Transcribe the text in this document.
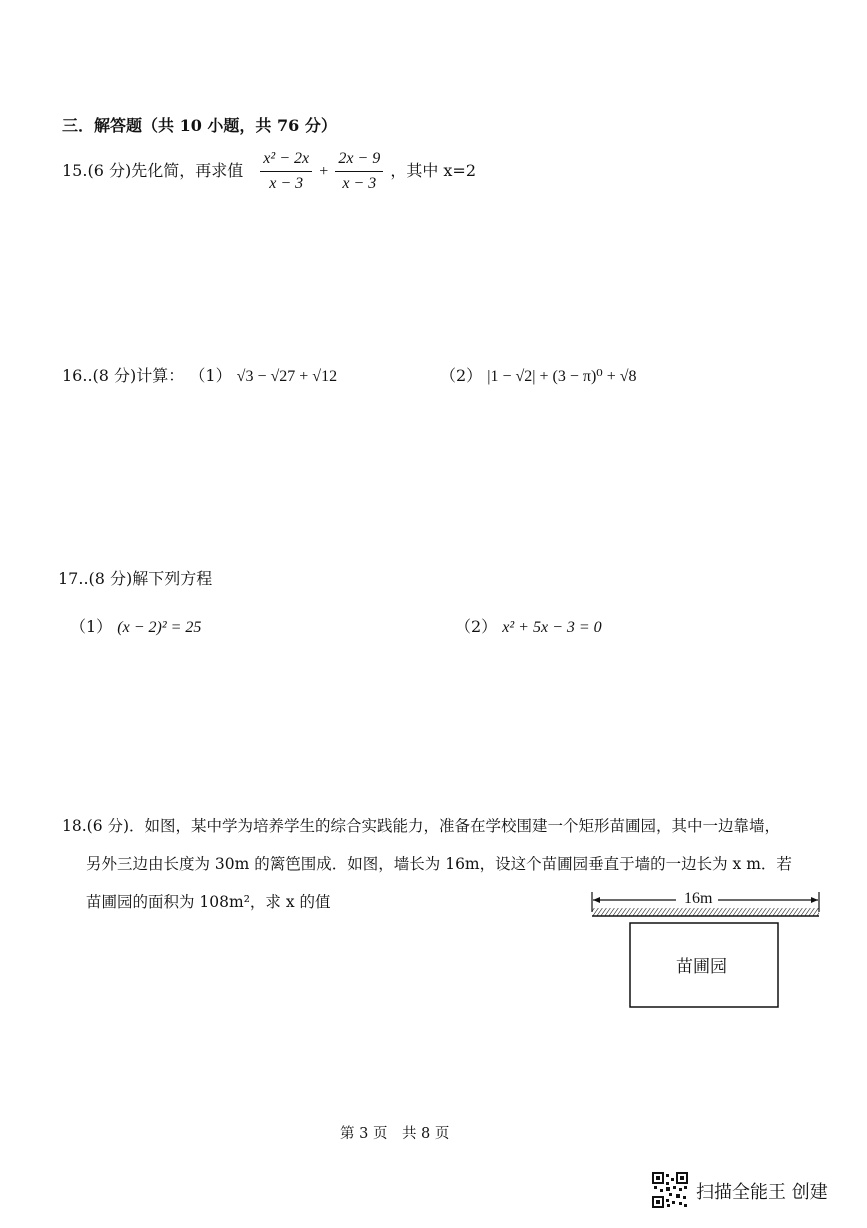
三．解答题（共 10 小题，共 76 分）
15.(6 分)先化简，再求值 $\frac{\text{x² − 2x}}{x - 3} + \frac{2x - 9}{x - 3}$ ，其中 x=2
16..(8 分)计算： （1） √3 − √27 + √12	（2） |1 − √2| + (3 − π)⁰ + √8
17..(8 分)解下列方程
（1） (x − 2)² = 25	（2） x² + 5x − 3 = 0
18.(6 分)．如图，某中学为培养学生的综合实践能力，准备在学校围建一个矩形苗圃园，其中一边靠墙，
另外三边由长度为 30m 的篱笆围成．如图，墙长为 16m，设这个苗圃园垂直于墙的一边长为 x m．若
苗圃园的面积为 108m²，求 x 的值	16m
苗圃园
第 3 页　共 8 页
扫描全能王 创建
